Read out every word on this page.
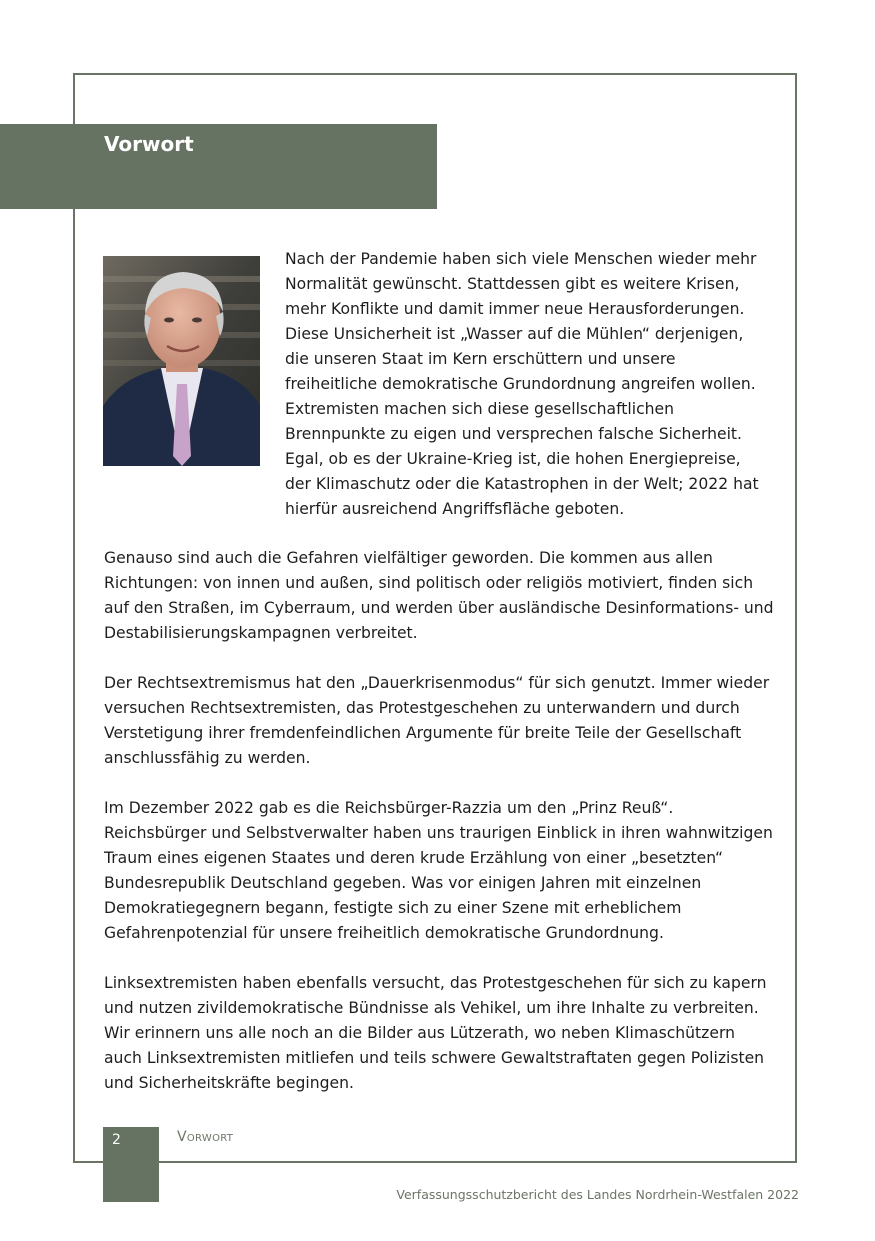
Vorwort

Nach der Pandemie haben sich viele Menschen wieder mehr Normalität gewünscht. Stattdessen gibt es weitere Krisen, mehr Konflikte und damit immer neue Herausforderungen. Diese Unsicherheit ist „Wasser auf die Mühlen“ derjenigen, die unseren Staat im Kern erschüttern und unsere freiheitliche demokratische Grundordnung angreifen wollen. Extremisten machen sich diese gesellschaftlichen Brennpunkte zu eigen und versprechen falsche Sicherheit. Egal, ob es der Ukraine-Krieg ist, die hohen Energiepreise, der Klimaschutz oder die Katastrophen in der Welt; 2022 hat hierfür ausreichend Angriffsfläche geboten.

Genauso sind auch die Gefahren vielfältiger geworden. Die kommen aus allen Richtungen: von innen und außen, sind politisch oder religiös motiviert, finden sich auf den Straßen, im Cyberraum, und werden über ausländische Desinformations- und Destabilisierungskampagnen verbreitet.

Der Rechtsextremismus hat den „Dauerkrisenmodus“ für sich genutzt. Immer wieder versuchen Rechtsextremisten, das Protestgeschehen zu unterwandern und durch Verstetigung ihrer fremdenfeindlichen Argumente für breite Teile der Gesellschaft anschlussfähig zu werden.

Im Dezember 2022 gab es die Reichsbürger-Razzia um den „Prinz Reuß“. Reichsbürger und Selbstverwalter haben uns traurigen Einblick in ihren wahnwitzigen Traum eines eigenen Staates und deren krude Erzählung von einer „besetzten“ Bundesrepublik Deutschland gegeben. Was vor einigen Jahren mit einzelnen Demokratiegegnern begann, festigte sich zu einer Szene mit erheblichem Gefahrenpotenzial für unsere freiheitlich demokratische Grundordnung.

Linksextremisten haben ebenfalls versucht, das Protestgeschehen für sich zu kapern und nutzen zivildemokratische Bündnisse als Vehikel, um ihre Inhalte zu verbreiten. Wir erinnern uns alle noch an die Bilder aus Lützerath, wo neben Klimaschützern auch Linksextremisten mitliefen und teils schwere Gewaltstraftaten gegen Polizisten und Sicherheitskräfte begingen.

2	Vorwort
Verfassungsschutzbericht des Landes Nordrhein-Westfalen 2022
